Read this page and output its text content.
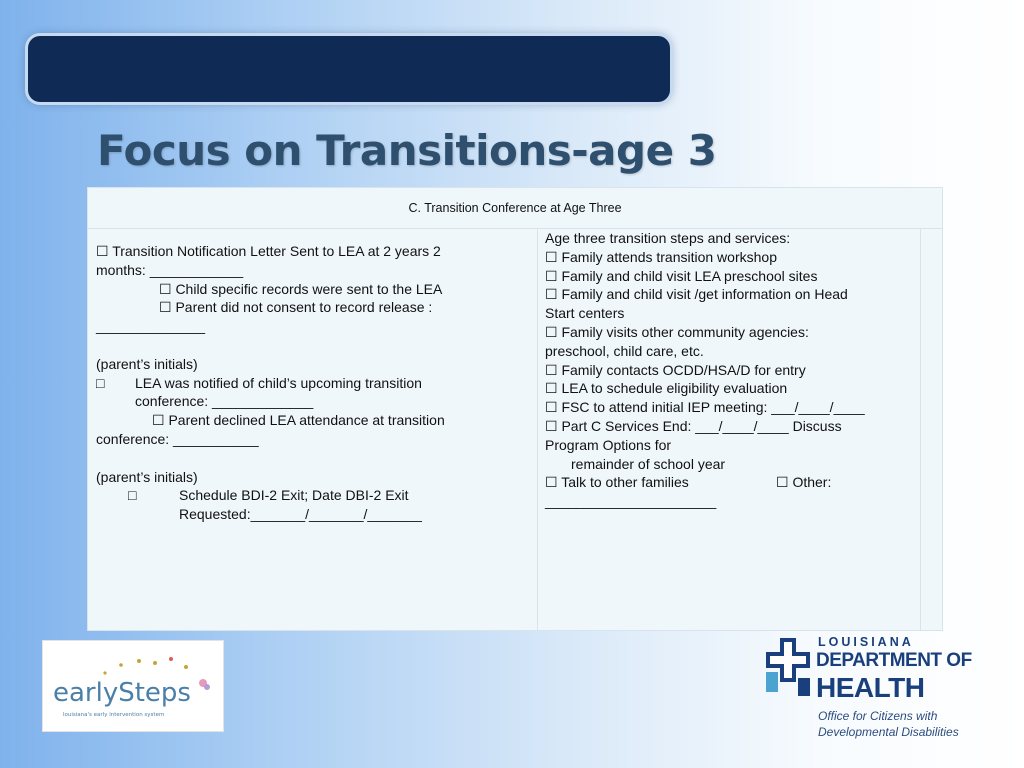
Focus on Transitions-age 3
C. Transition Conference at Age Three

☐ Transition Notification Letter Sent to LEA at 2 years 2

months: ____________

☐ Child specific records were sent to the LEA

☐ Parent did not consent to record release :

______________

(parent’s initials)

□ LEA was notified of child’s upcoming transition

conference: _____________

☐ Parent declined LEA attendance at transition

conference: ___________

(parent’s initials)

□	Schedule BDI-2 Exit; Date DBI-2 Exit

Requested:_______/_______/_______

Age three transition steps and services:

☐ Family attends transition workshop

☐ Family and child visit LEA preschool sites

☐ Family and child visit /get information on Head

Start centers

☐ Family visits other community agencies:

preschool, child care, etc.

☐ Family contacts OCDD/HSA/D for entry

☐ LEA to schedule eligibility evaluation

☐ FSC to attend initial IEP meeting: ___/____/____

☐ Part C Services End: ___/____/____ Discuss

Program Options for

remainder of school year

☐ Talk to other families	☐ Other:

______________________

earlySteps
louisiana's early intervention system
LOUISIANA
DEPARTMENT OF
HEALTH
Office for Citizens with
Developmental Disabilities
